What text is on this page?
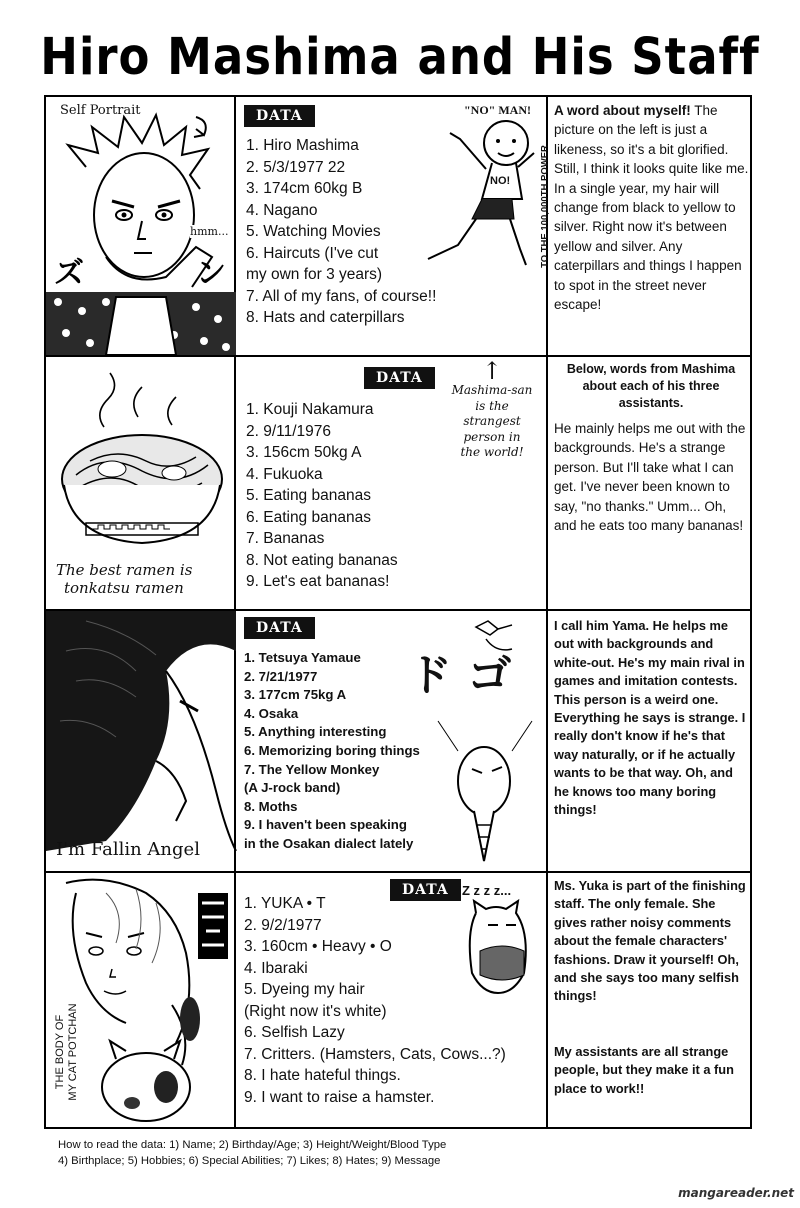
Hiro Mashima and His Staff
Self Portrait
ズ	ン
hmm...
DATA
1. Hiro Mashima
2. 5/3/1977 22
3. 174cm 60kg B
4. Nagano
5. Watching Movies
6. Haircuts (I've cut
my own for 3 years)
7. All of my fans, of course!!
8. Hats and caterpillars
"NO" MAN!
NO!	TO THE 100,000TH POWER
A word about myself! The picture on the left is just a likeness, so it's a bit glorified. Still, I think it looks quite like me. In a single year, my hair will change from black to yellow to silver. Right now it's between yellow and silver. Any caterpillars and things I happen to spot in the street never escape!
The best ramen is
tonkatsu ramen
DATA
1. Kouji Nakamura
2. 9/11/1976
3. 156cm 50kg A
4. Fukuoka
5. Eating bananas
6. Eating bananas
7. Bananas
8. Not eating bananas
9. Let's eat bananas!
↑
Mashima-san
is the
strangest
person in
the world!
Below, words from Mashima about each of his three assistants.
He mainly helps me out with the backgrounds. He's a strange person. But I'll take what I can get. I've never been known to say, "no thanks." Umm... Oh, and he eats too many bananas!
I'm Fallin Angel
DATA
1. Tetsuya Yamaue
2. 7/21/1977
3. 177cm 75kg A
4. Osaka
5. Anything interesting
6. Memorizing boring things
7. The Yellow Monkey
(A J-rock band)
8. Moths
9. I haven't been speaking
in the Osakan dialect lately
ド ゴ
I call him Yama. He helps me out with backgrounds and white-out. He's my main rival in games and imitation contests. This person is a weird one. Everything he says is strange. I really don't know if he's that way naturally, or if he actually wants to be that way. Oh, and he knows too many boring things!
THE BODY OF MY CAT POTCHAN
DATA
1. YUKA • T
2. 9/2/1977
3. 160cm • Heavy • O
4. Ibaraki
5. Dyeing my hair
(Right now it's white)
6. Selfish Lazy
7. Critters. (Hamsters, Cats, Cows...?)
8. I hate hateful things.
9. I want to raise a hamster.
Z z z z...	Ms. Yuka is part of the finishing staff. The only female. She gives rather noisy comments about the female characters' fashions. Draw it yourself! Oh, and she says too many selfish things!
My assistants are all strange people, but they make it a fun place to work!!
How to read the data: 1) Name; 2) Birthday/Age; 3) Height/Weight/Blood Type
4) Birthplace; 5) Hobbies; 6) Special Abilities; 7) Likes; 8) Hates; 9) Message
mangareader.net
